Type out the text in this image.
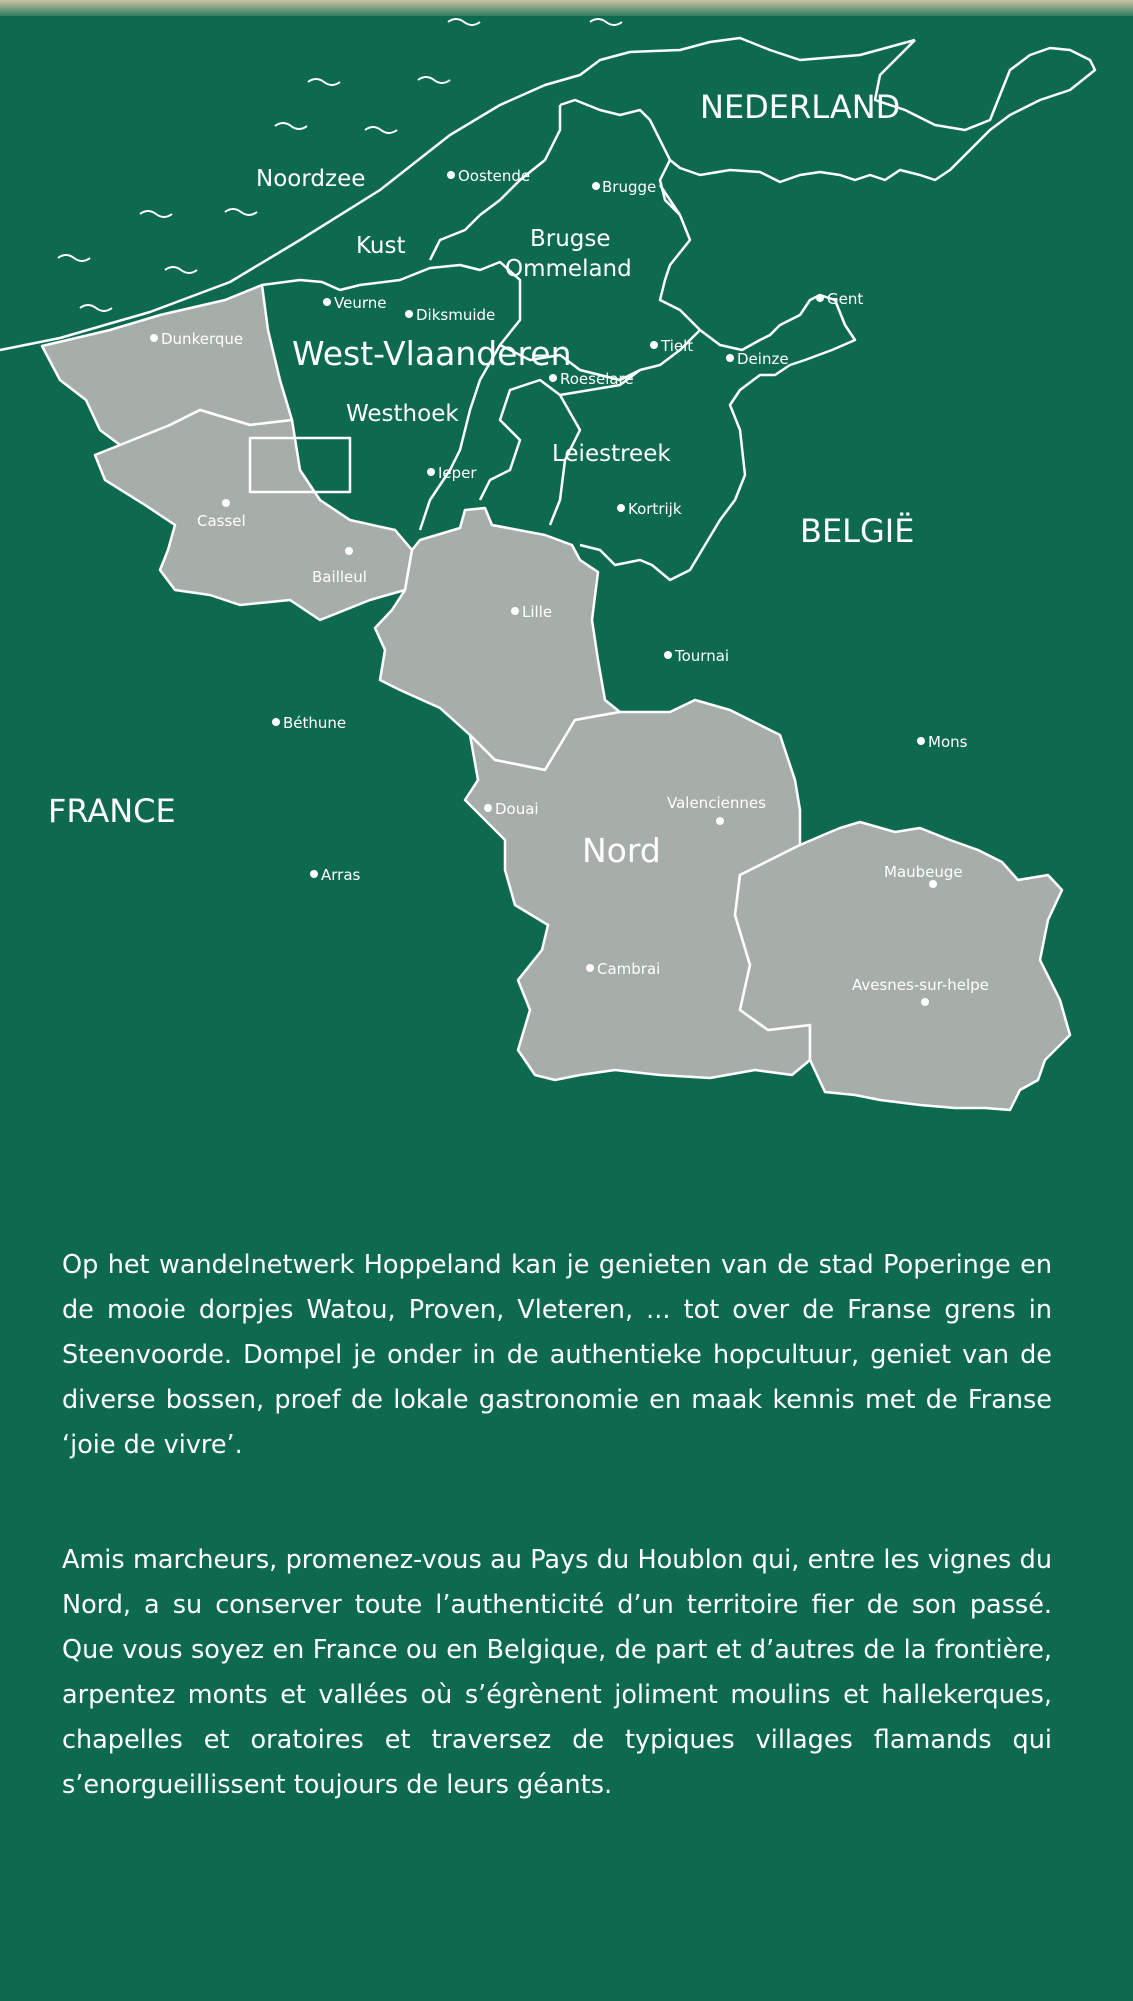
NEDERLAND
BELGIË
FRANCE
Noordzee
Kust	Brugse
Ommeland
West-Vlaanderen
Westhoek
Leiestreek
Nord
Oostende
Brugge
Veurne
Diksmuide
Dunkerque
Gent
Tielt
Deinze
Roeselare
Ieper
Kortrijk
Cassel
Bailleul
Lille
Tournai
Béthune
Mons
Douai	Valenciennes
Arras	Maubeuge
Cambrai
Avesnes-sur-helpe
Op het wandelnetwerk Hoppeland kan je genieten van de stad Poperinge en de mooie dorpjes Watou, Proven, Vleteren, ... tot over de Franse grens in Steenvoorde. Dompel je onder in de authentieke hopcultuur, geniet van de diverse bossen, proef de lokale gastronomie en maak kennis met de Franse ‘joie de vivre’.
Amis marcheurs, promenez-vous au Pays du Houblon qui, entre les vignes du Nord, a su conserver toute l’authenticité d’un territoire fier de son passé. Que vous soyez en France ou en Belgique, de part et d’autres de la frontière, arpentez monts et vallées où s’égrènent joliment moulins et hallekerques, chapelles et oratoires et traversez de typiques villages flamands qui s’enorgueillissent toujours de leurs géants.
